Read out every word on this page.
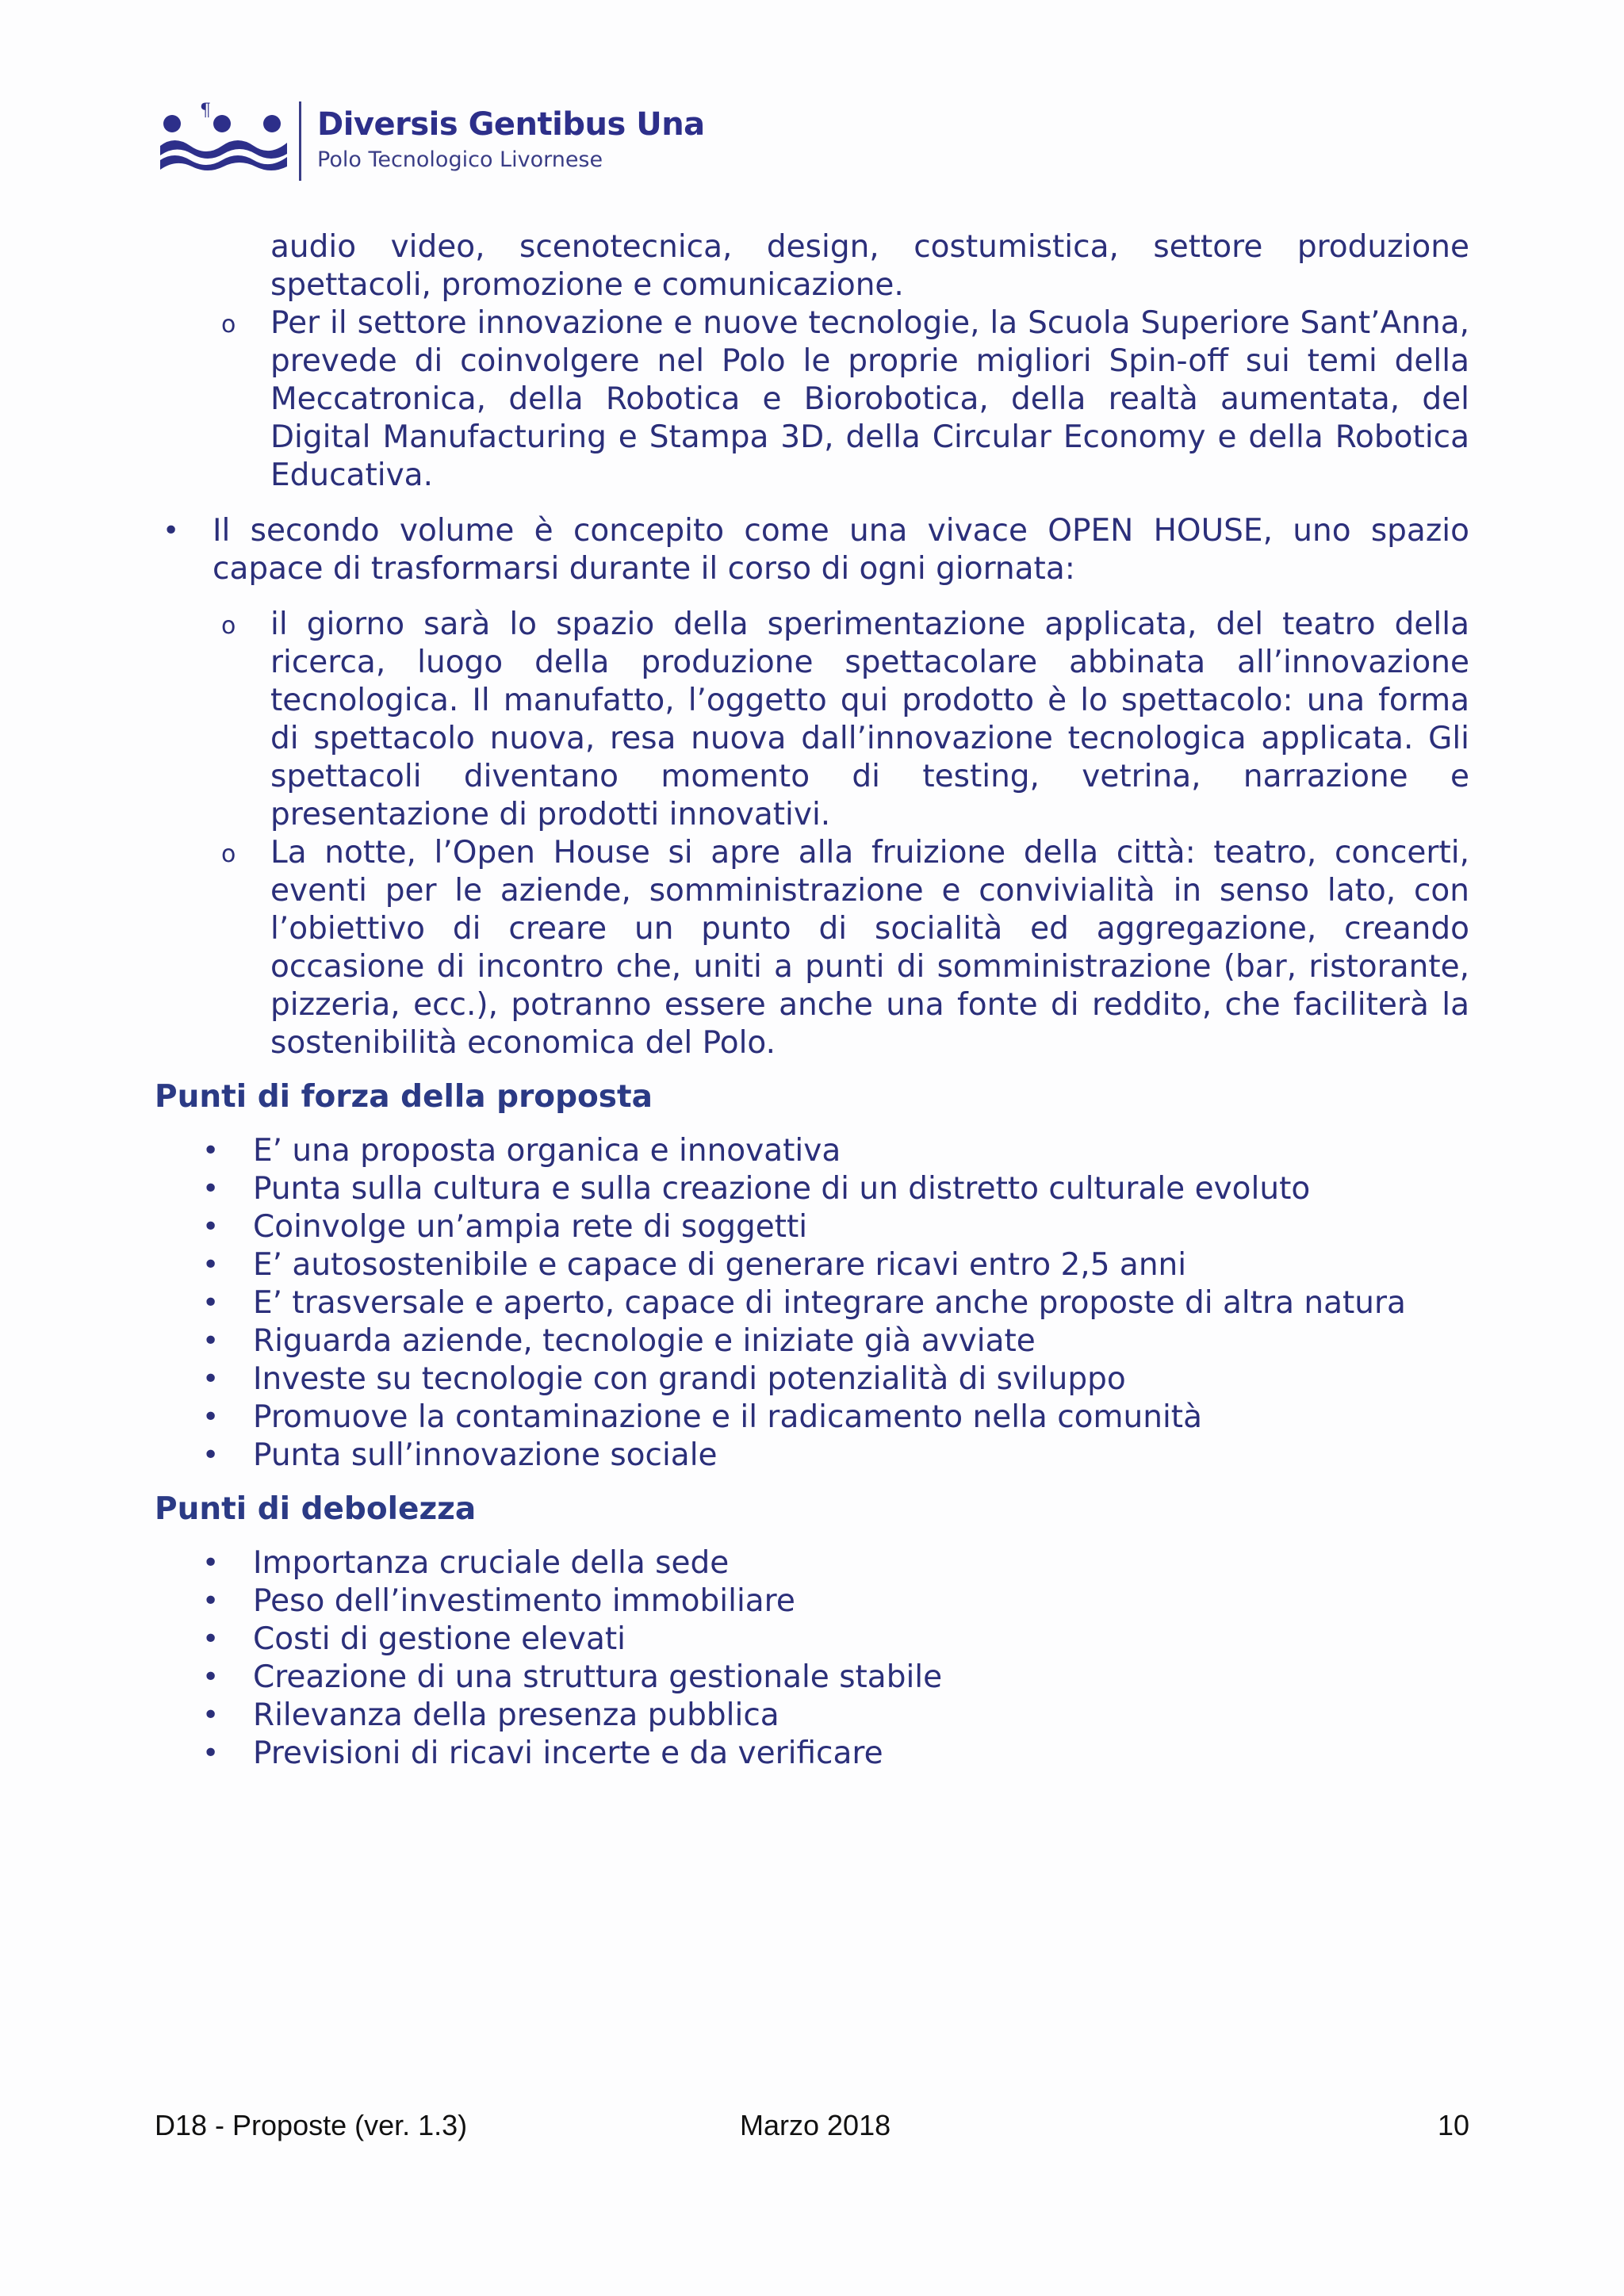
¶	Diversis Gentibus Una
Polo Tecnologico Livornese
audio video, scenotecnica, design, costumistica, settore produzione spettacoli, promozione e comunicazione.
o Per il settore innovazione e nuove tecnologie, la Scuola Superiore Sant’Anna, prevede di coinvolgere nel Polo le proprie migliori Spin-off sui temi della Meccatronica, della Robotica e Biorobotica, della realtà aumentata, del Digital Manufacturing e Stampa 3D, della Circular Economy e della Robotica Educativa.
• Il secondo volume è concepito come una vivace OPEN HOUSE, uno spazio capace di trasformarsi durante il corso di ogni giornata:
o il giorno sarà lo spazio della sperimentazione applicata, del teatro della ricerca, luogo della produzione spettacolare abbinata all’innovazione tecnologica. Il manufatto, l’oggetto qui prodotto è lo spettacolo: una forma di spettacolo nuova, resa nuova dall’innovazione tecnologica applicata. Gli spettacoli diventano momento di testing, vetrina, narrazione e presentazione di prodotti innovativi.
o La notte, l’Open House si apre alla fruizione della città: teatro, concerti, eventi per le aziende, somministrazione e convivialità in senso lato, con l’obiettivo di creare un punto di socialità ed aggregazione, creando occasione di incontro che, uniti a punti di somministrazione (bar, ristorante, pizzeria, ecc.), potranno essere anche una fonte di reddito, che faciliterà la sostenibilità economica del Polo.
Punti di forza della proposta
• E’ una proposta organica e innovativa
• Punta sulla cultura e sulla creazione di un distretto culturale evoluto
• Coinvolge un’ampia rete di soggetti
• E’ autosostenibile e capace di generare ricavi entro 2,5 anni
• E’ trasversale e aperto, capace di integrare anche proposte di altra natura
• Riguarda aziende, tecnologie e iniziate già avviate
• Investe su tecnologie con grandi potenzialità di sviluppo
• Promuove la contaminazione e il radicamento nella comunità
• Punta sull’innovazione sociale
Punti di debolezza
• Importanza cruciale della sede
• Peso dell’investimento immobiliare
• Costi di gestione elevati
• Creazione di una struttura gestionale stabile
• Rilevanza della presenza pubblica
• Previsioni di ricavi incerte e da verificare
D18 - Proposte (ver. 1.3)	Marzo 2018	10
